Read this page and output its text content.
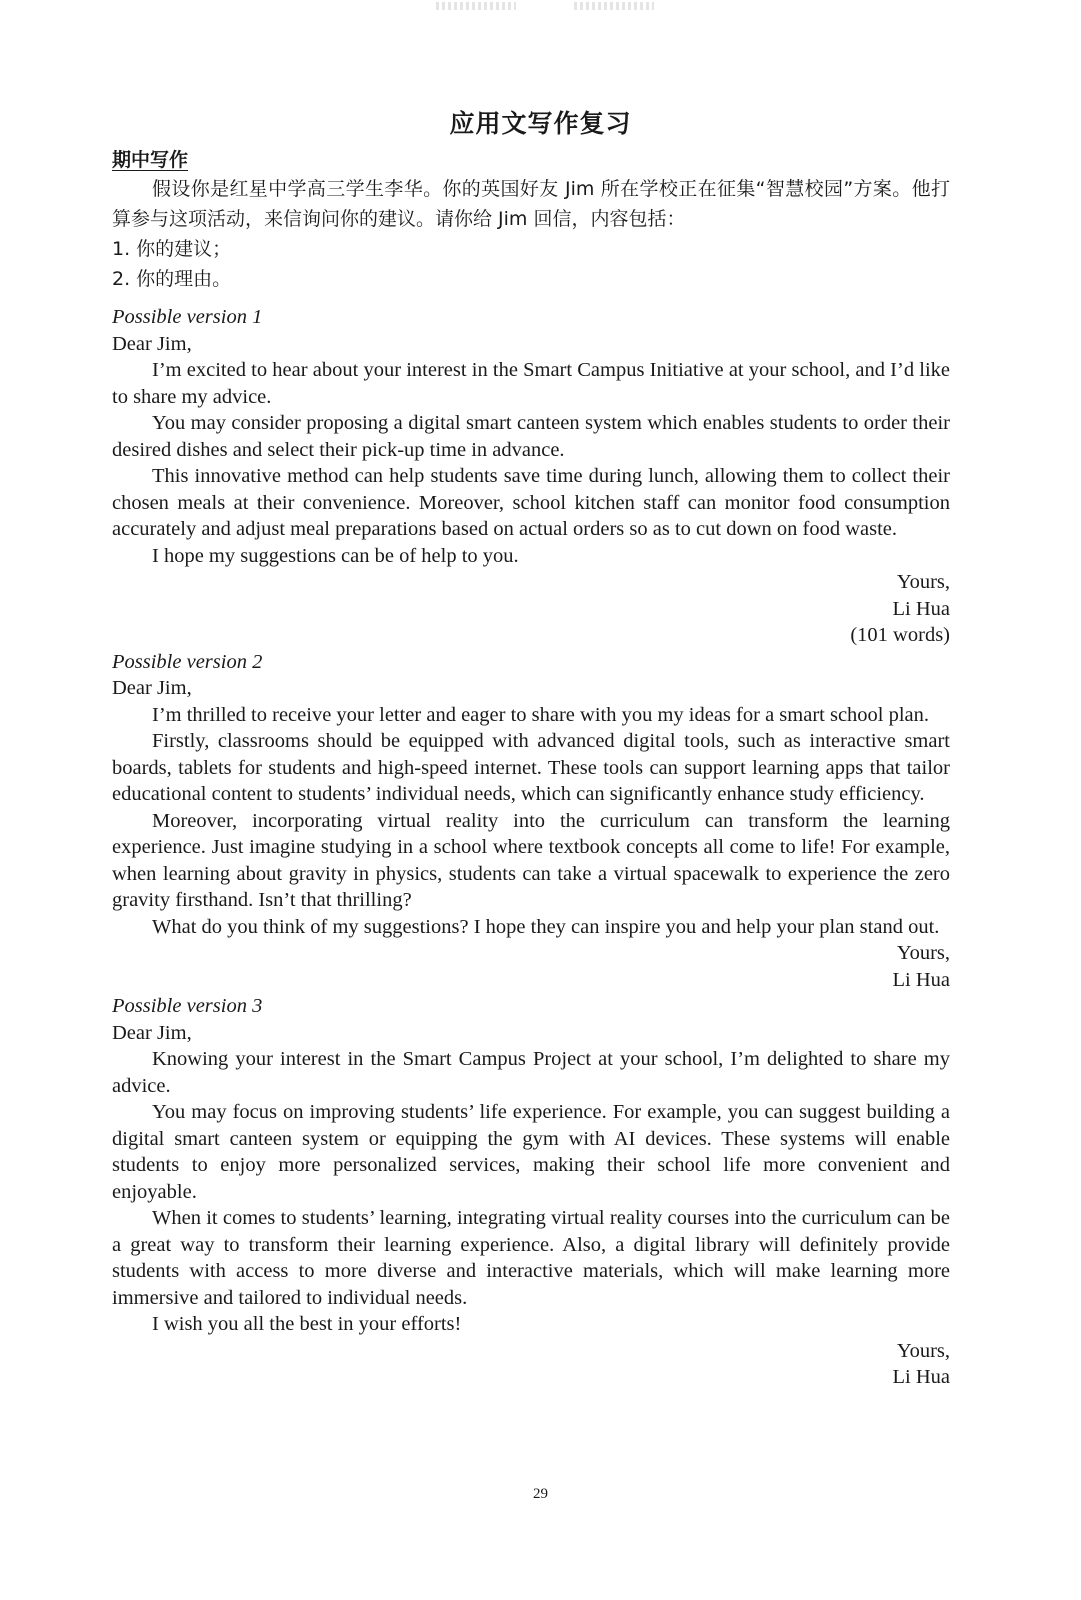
应用文写作复习

期中写作

假设你是红星中学高三学生李华。你的英国好友 Jim 所在学校正在征集“智慧校园”方案。他打算参与这项活动，来信询问你的建议。请你给 Jim 回信，内容包括：

1. 你的建议；

2. 你的理由。

Possible version 1

Dear Jim,

I’m excited to hear about your interest in the Smart Campus Initiative at your school, and I’d like to share my advice.

You may consider proposing a digital smart canteen system which enables students to order their desired dishes and select their pick-up time in advance.

This innovative method can help students save time during lunch, allowing them to collect their chosen meals at their convenience. Moreover, school kitchen staff can monitor food consumption accurately and adjust meal preparations based on actual orders so as to cut down on food waste.

I hope my suggestions can be of help to you.

Yours,

Li Hua

(101 words)

Possible version 2

Dear Jim,

I’m thrilled to receive your letter and eager to share with you my ideas for a smart school plan.

Firstly, classrooms should be equipped with advanced digital tools, such as interactive smart boards, tablets for students and high-speed internet. These tools can support learning apps that tailor educational content to students’ individual needs, which can significantly enhance study efficiency.

Moreover, incorporating virtual reality into the curriculum can transform the learning experience. Just imagine studying in a school where textbook concepts all come to life! For example, when learning about gravity in physics, students can take a virtual spacewalk to experience the zero gravity firsthand. Isn’t that thrilling?

What do you think of my suggestions? I hope they can inspire you and help your plan stand out.

Yours,

Li Hua

Possible version 3

Dear Jim,

Knowing your interest in the Smart Campus Project at your school, I’m delighted to share my advice.

You may focus on improving students’ life experience. For example, you can suggest building a digital smart canteen system or equipping the gym with AI devices. These systems will enable students to enjoy more personalized services, making their school life more convenient and enjoyable.

When it comes to students’ learning, integrating virtual reality courses into the curriculum can be a great way to transform their learning experience. Also, a digital library will definitely provide students with access to more diverse and interactive materials, which will make learning more immersive and tailored to individual needs.

I wish you all the best in your efforts!

Yours,

Li Hua

29
